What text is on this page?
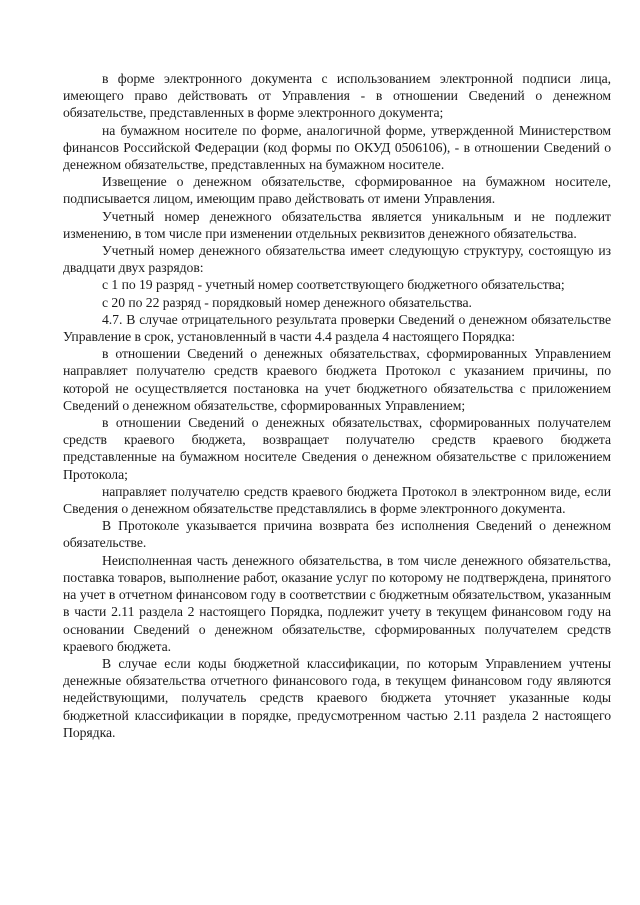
в форме электронного документа с использованием электронной подписи лица, имеющего право действовать от Управления - в отношении Сведений о денежном обязательстве, представленных в форме электронного документа;

на бумажном носителе по форме, аналогичной форме, утвержденной Министерством финансов Российской Федерации (код формы по ОКУД 0506106), - в отношении Сведений о денежном обязательстве, представленных на бумажном носителе.

Извещение о денежном обязательстве, сформированное на бумажном носителе, подписывается лицом, имеющим право действовать от имени Управления.

Учетный номер денежного обязательства является уникальным и не подлежит изменению, в том числе при изменении отдельных реквизитов денежного обязательства.

Учетный номер денежного обязательства имеет следующую структуру, состоящую из двадцати двух разрядов:

с 1 по 19 разряд - учетный номер соответствующего бюджетного обязательства;

с 20 по 22 разряд - порядковый номер денежного обязательства.

4.7. В случае отрицательного результата проверки Сведений о денежном обязательстве Управление в срок, установленный в части 4.4 раздела 4 настоящего Порядка:

в отношении Сведений о денежных обязательствах, сформированных Управлением направляет получателю средств краевого бюджета Протокол с указанием причины, по которой не осуществляется постановка на учет бюджетного обязательства с приложением Сведений о денежном обязательстве, сформированных Управлением;

в отношении Сведений о денежных обязательствах, сформированных получателем средств краевого бюджета, возвращает получателю средств краевого бюджета представленные на бумажном носителе Сведения о денежном обязательстве с приложением Протокола;

направляет получателю средств краевого бюджета Протокол в электронном виде, если Сведения о денежном обязательстве представлялись в форме электронного документа.

В Протоколе указывается причина возврата без исполнения Сведений о денежном обязательстве.

Неисполненная часть денежного обязательства, в том числе денежного обязательства, поставка товаров, выполнение работ, оказание услуг по которому не подтверждена, принятого на учет в отчетном финансовом году в соответствии с бюджетным обязательством, указанным в части 2.11 раздела 2 настоящего Порядка, подлежит учету в текущем финансовом году на основании Сведений о денежном обязательстве, сформированных получателем средств краевого бюджета.

В случае если коды бюджетной классификации, по которым Управлением учтены денежные обязательства отчетного финансового года, в текущем финансовом году являются недействующими, получатель средств краевого бюджета уточняет указанные коды бюджетной классификации в порядке, предусмотренном частью 2.11 раздела 2 настоящего Порядка.
